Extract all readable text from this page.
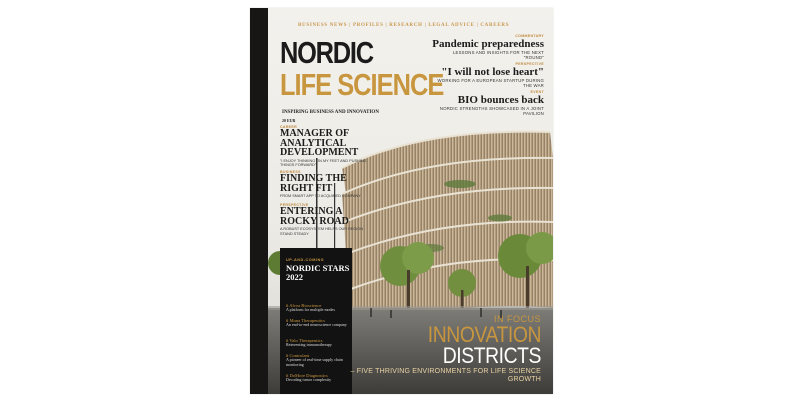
BUSINESS NEWS | PROFILES | RESEARCH | LEGAL ADVICE | CAREERS
NORDIC
LIFE SCIENCE
INSPIRING BUSINESS AND INNOVATION
20 EUR
COMMENTARY
Pandemic preparedness
LESSONS AND INSIGHTS FOR THE NEXT "ROUND"
PERSPECTIVE
"I will not lose heart"
WORKING FOR A EUROPEAN STARTUP DURING THE WAR
EVENT
BIO bounces back
NORDIC STRENGTHS SHOWCASED IN A JOINT PAVILION
CAREER
MANAGER OF ANALYTICAL DEVELOPMENT
"I ENJOY THINKING ON MY FEET AND PUSHING THINGS FORWARD"
BUSINESS
FINDING THE RIGHT FIT
FROM SMART APP TO ACQUIRED COMPANY
PERSPECTIVE
ENTERING A ROCKY ROAD
A ROBUST ECOSYSTEM HELPS OUR REGION STAND STEADY
UP-AND-COMING
NORDIC STARS 2022
# Alvea Bioscience
A platform for multiple modes
# Muna Therapeutics
An end-to-end neuroscience company
# Valo Therapeutics
Reinventing immunotherapy
# Controlant
A pioneer of real-time supply chain monitoring
# DoMore Diagnostics
Decoding tumor complexity
IN FOCUS
INNOVATION
DISTRICTS
– FIVE THRIVING ENVIRONMENTS FOR LIFE SCIENCE GROWTH
